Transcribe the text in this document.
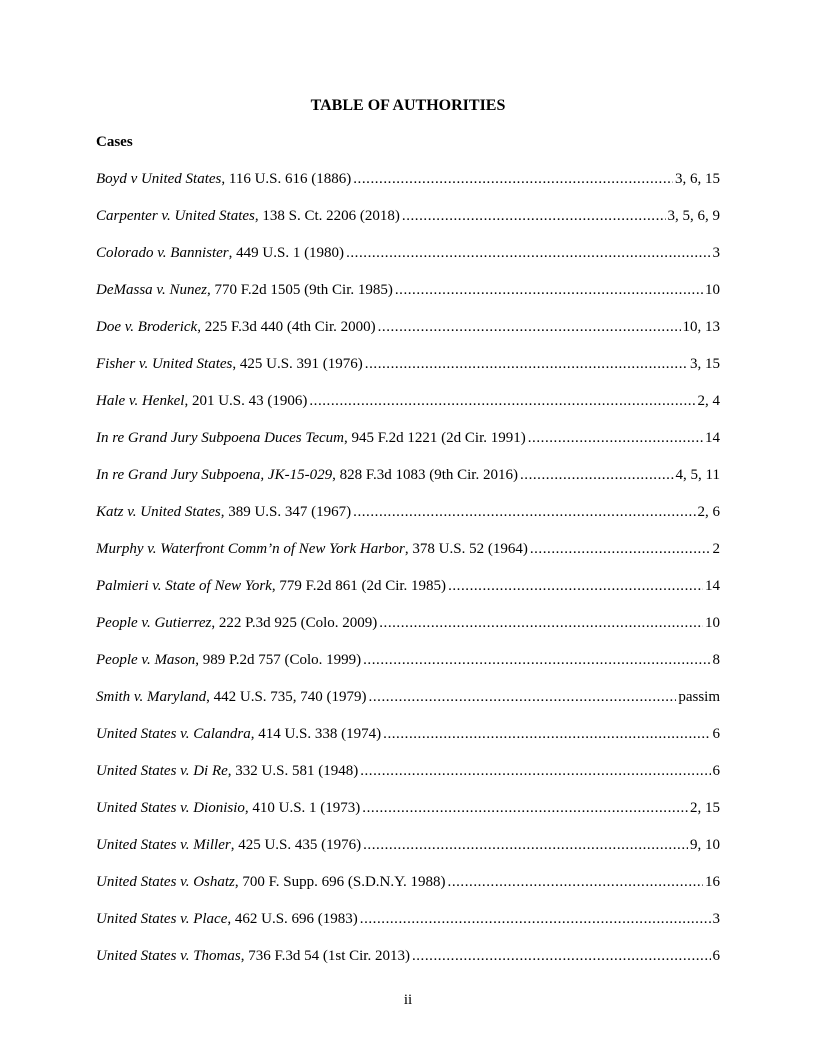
TABLE OF AUTHORITIES
Cases
Boyd v United States , 116 U.S. 616 (1886) . . .	3, 6, 15
Carpenter v. United States , 138 S. Ct. 2206 (2018) . . .	3, 5, 6, 9
Colorado v. Bannister , 449 U.S. 1 (1980) . . .	3
DeMassa v. Nunez , 770 F.2d 1505 (9th Cir. 1985) . . .	10
Doe v. Broderick , 225 F.3d 440 (4th Cir. 2000) . . .	10, 13
Fisher v. United States , 425 U.S. 391 (1976) . . .	3, 15
Hale v. Henkel , 201 U.S. 43 (1906) . . .	2, 4
In re Grand Jury Subpoena Duces Tecum , 945 F.2d 1221 (2d Cir. 1991) . . .	14
In re Grand Jury Subpoena, JK-15-029 , 828 F.3d 1083 (9th Cir. 2016) . . .	4, 5, 11
Katz v. United States , 389 U.S. 347 (1967) . . .	2, 6
Murphy v. Waterfront Comm’n of New York Harbor , 378 U.S. 52 (1964) . . .	2
Palmieri v. State of New York , 779 F.2d 861 (2d Cir. 1985) . . .	14
People v. Gutierrez , 222 P.3d 925 (Colo. 2009) . . .	10
People v. Mason , 989 P.2d 757 (Colo. 1999) . . .	8
Smith v. Maryland , 442 U.S. 735, 740 (1979) . . .	passim
United States v. Calandra , 414 U.S. 338 (1974) . . .	6
United States v. Di Re , 332 U.S. 581 (1948) . . .	6
United States v. Dionisio , 410 U.S. 1 (1973) . . .	2, 15
United States v. Miller , 425 U.S. 435 (1976) . . .	9, 10
United States v. Oshatz , 700 F. Supp. 696 (S.D.N.Y. 1988) . . .	16
United States v. Place , 462 U.S. 696 (1983) . . .	3
United States v. Thomas , 736 F.3d 54 (1st Cir. 2013) . . .	6
ii
